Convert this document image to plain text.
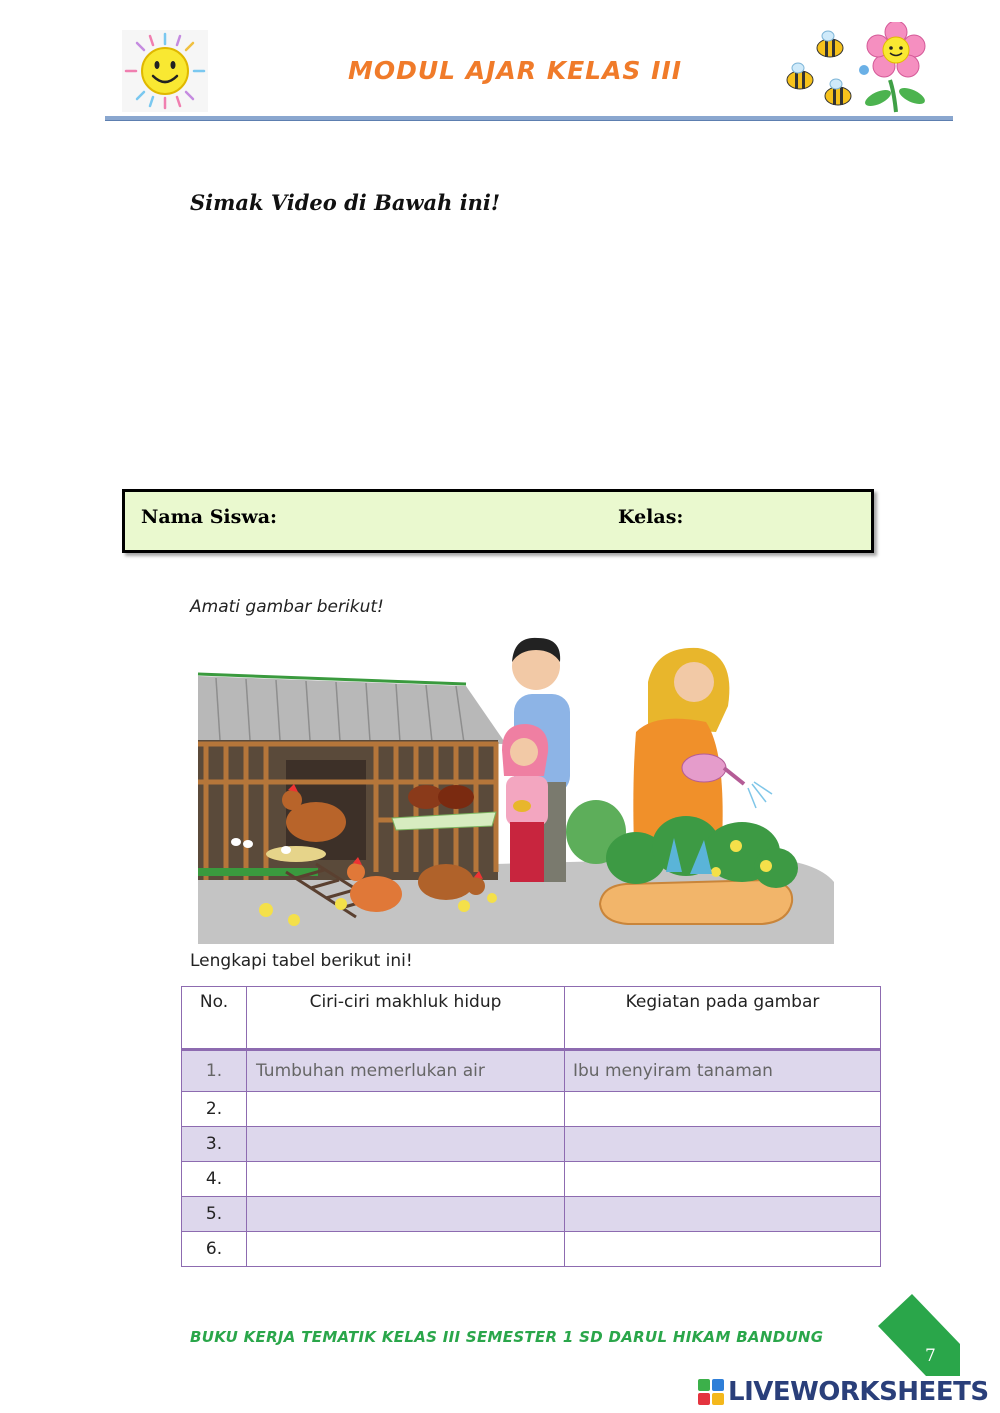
MODUL AJAR KELAS III
Simak Video di Bawah ini!
Nama Siswa:	Kelas:
Amati gambar berikut!
Lengkapi tabel berikut ini!
No.	Ciri-ciri makhluk hidup	Kegiatan pada gambar
1.	Tumbuhan memerlukan air	Ibu menyiram tanaman
2.		
3.		
4.		
5.		
6.		
BUKU KERJA TEMATIK KELAS III SEMESTER 1 SD DARUL HIKAM BANDUNG
7
LIVEWORKSHEETS
